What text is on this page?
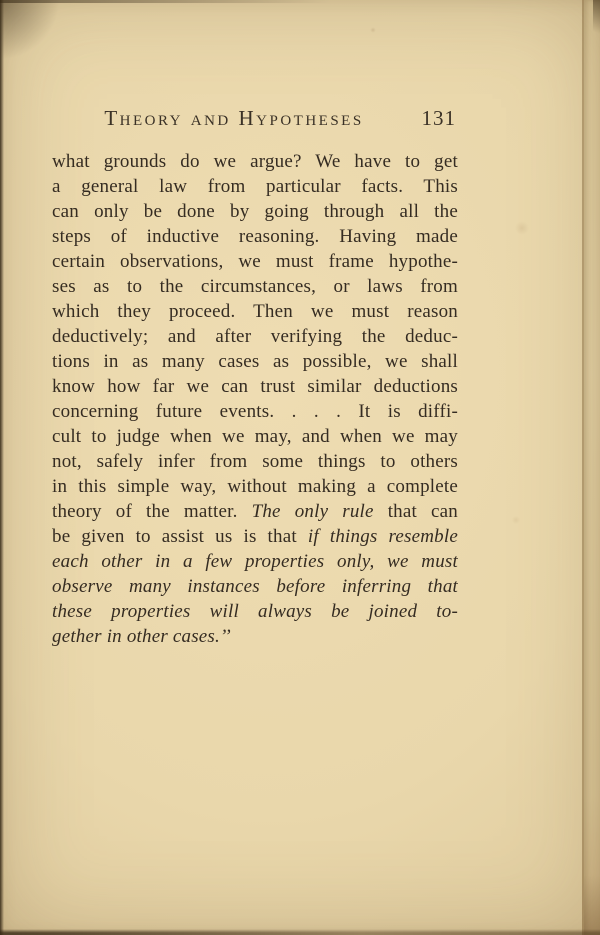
Theory and Hypotheses	131
what grounds do we argue? We have to get
a general law from particular facts. This
can only be done by going through all the
steps of inductive reasoning. Having made
certain observations, we must frame hypothe-
ses as to the circumstances, or laws from
which they proceed. Then we must reason
deductively; and after verifying the deduc-
tions in as many cases as possible, we shall
know how far we can trust similar deductions
concerning future events. . . . It is diffi-
cult to judge when we may, and when we may
not, safely infer from some things to others
in this simple way, without making a complete
theory of the matter. The only rule that can
be given to assist us is that if things resemble
each other in a few properties only, we must
observe many instances before inferring that
these properties will always be joined to-
gether in other cases.’’
